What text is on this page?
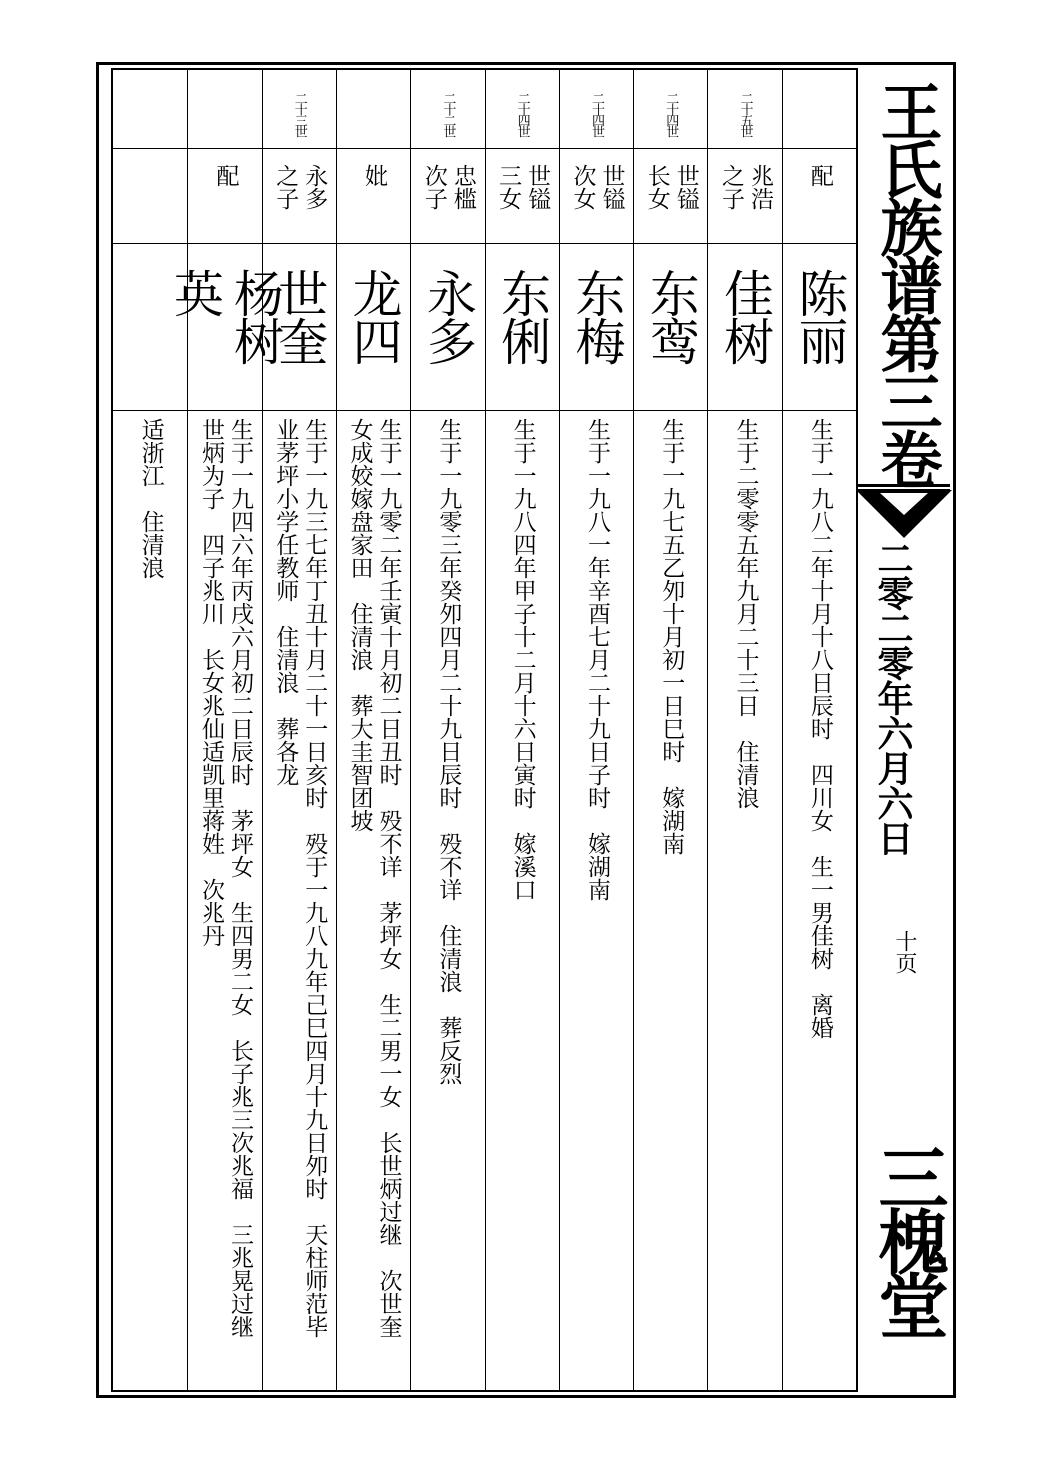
配
陈丽
生于一九八二年十月十八日辰时　四川女　生一男佳树　离婚
二十五世
兆浩之子
佳树
生于二零零五年九月二十三日　住清浪
二十四世
世镒长女
东鸾
生于一九七五乙夘十月初一日巳时　嫁湖南
二十四世
世镒次女
东梅
生于一九八一年辛酉七月二十九日子时　嫁湖南
二十四世
世镒三女
东俐
生于一九八四年甲子十二月十六日寅时　嫁溪口
二十二世
忠槛次子
永多
生于一九零三年癸夘四月二十九日辰时　殁不详　住清浪　葬反烈
妣
龙四
生于一九零二年壬寅十月初二日丑时　殁不详　茅坪女　生二男一女　长世炳过继　次世奎　女成姣嫁盘家田　住清浪　葬大圭智团坡
二十三世
永多之子
世奎
生于一九三七年丁丑十月二十一日亥时　殁于一九八九年己巳四月十九日夘时　天柱师范毕业茅坪小学任教师　住清浪　葬各龙
配
杨树英
生于一九四六年丙戌六月初二日辰时　茅坪女　生四男二女　长子兆三次兆福　三兆晃过继世炳为子　四子兆川　长女兆仙适凯里蒋姓　次兆丹
适浙江　住清浪
王氏族谱第三卷
二零二零年六月六日
十页
三槐堂
